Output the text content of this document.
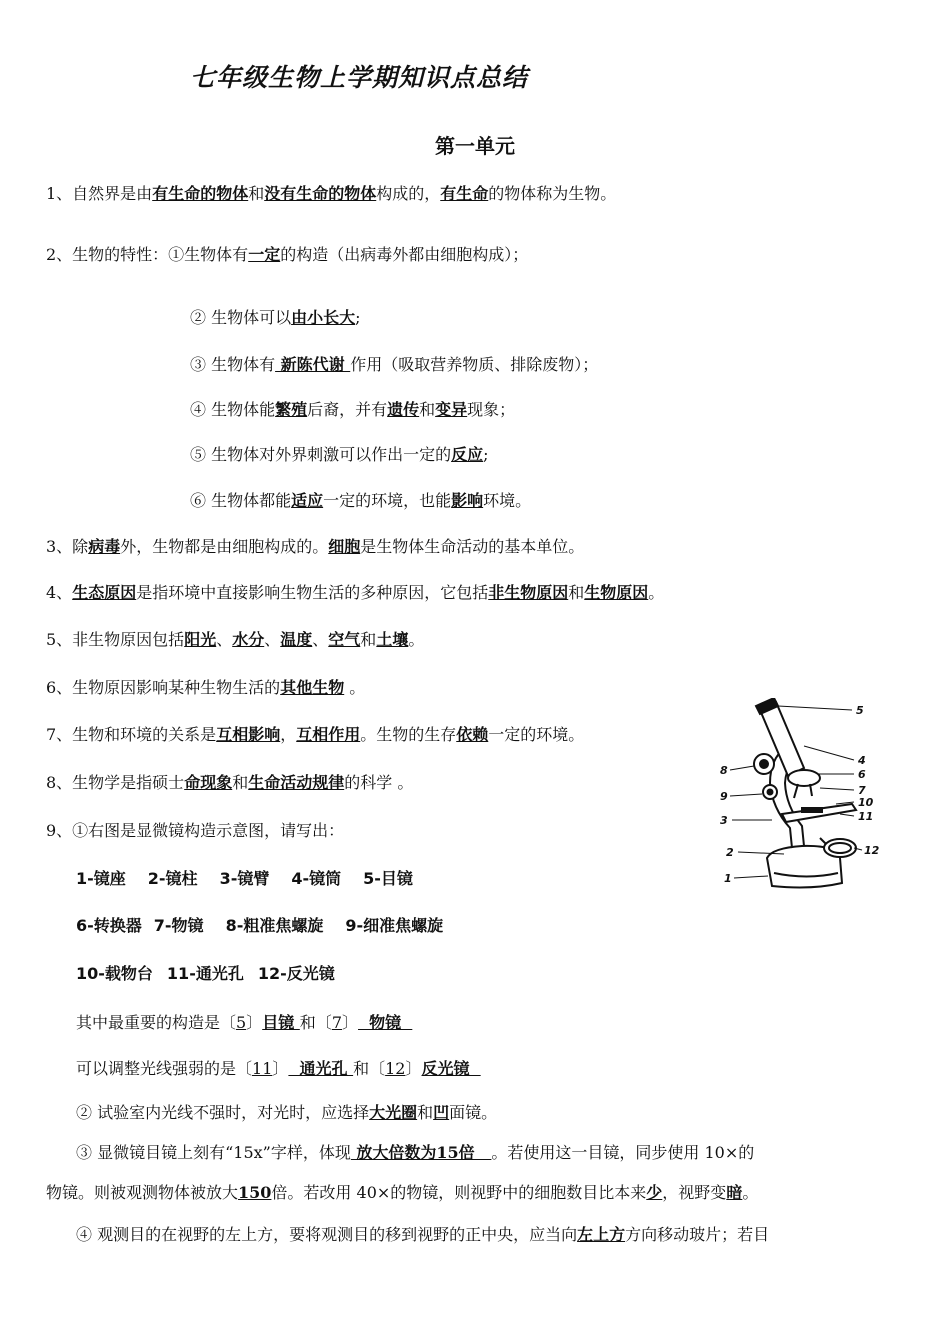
七年级生物上学期知识点总结
第一单元
1、自然界是由有生命的物体和没有生命的物体构成的，有生命的物体称为生物。
2、生物的特性：①生物体有一定的构造（出病毒外都由细胞构成）；
② 生物体可以由小长大;
③ 生物体有 新陈代谢 作用（吸取营养物质、排除废物）；
④ 生物体能繁殖后裔，并有遗传和变异现象；
⑤ 生物体对外界刺激可以作出一定的反应;
⑥ 生物体都能适应一定的环境，也能影响环境。
3、除病毒外，生物都是由细胞构成的。细胞是生物体生命活动的基本单位。
4、生态原因是指环境中直接影响生物生活的多种原因，它包括非生物原因和生物原因。
5、非生物原因包括阳光、水分、温度、空气和土壤。
6、生物原因影响某种生物生活的其他生物 。
7、生物和环境的关系是互相影响，互相作用。生物的生存依赖一定的环境。
8、生物学是指硕士命现象和生命活动规律的科学 。
9、①右图是显微镜构造示意图，请写出：
1-镜座 2-镜柱 3-镜臂 4-镜筒 5-目镜
6-转换器 7-物镜 8-粗准焦螺旋 9-细准焦螺旋
10-载物台 11-通光孔 12-反光镜
其中最重要的构造是〔5〕目镜 和〔7〕  物镜
可以调整光线强弱的是〔11〕  通光孔 和〔12〕反光镜
② 试验室内光线不强时，对光时，应选择大光圈和凹面镜。
③ 显微镜目镜上刻有“15x”字样，体现 放大倍数为15倍   。若使用这一目镜，同步使用 10×的
物镜。则被观测物体被放大150倍。若改用 40×的物镜，则视野中的细胞数目比本来少，视野变暗。
④ 观测目的在视野的左上方，要将观测目的移到视野的正中央，应当向左上方方向移动玻片；若目
5
4
6
7
10
11
12
8
9
3
2
1
